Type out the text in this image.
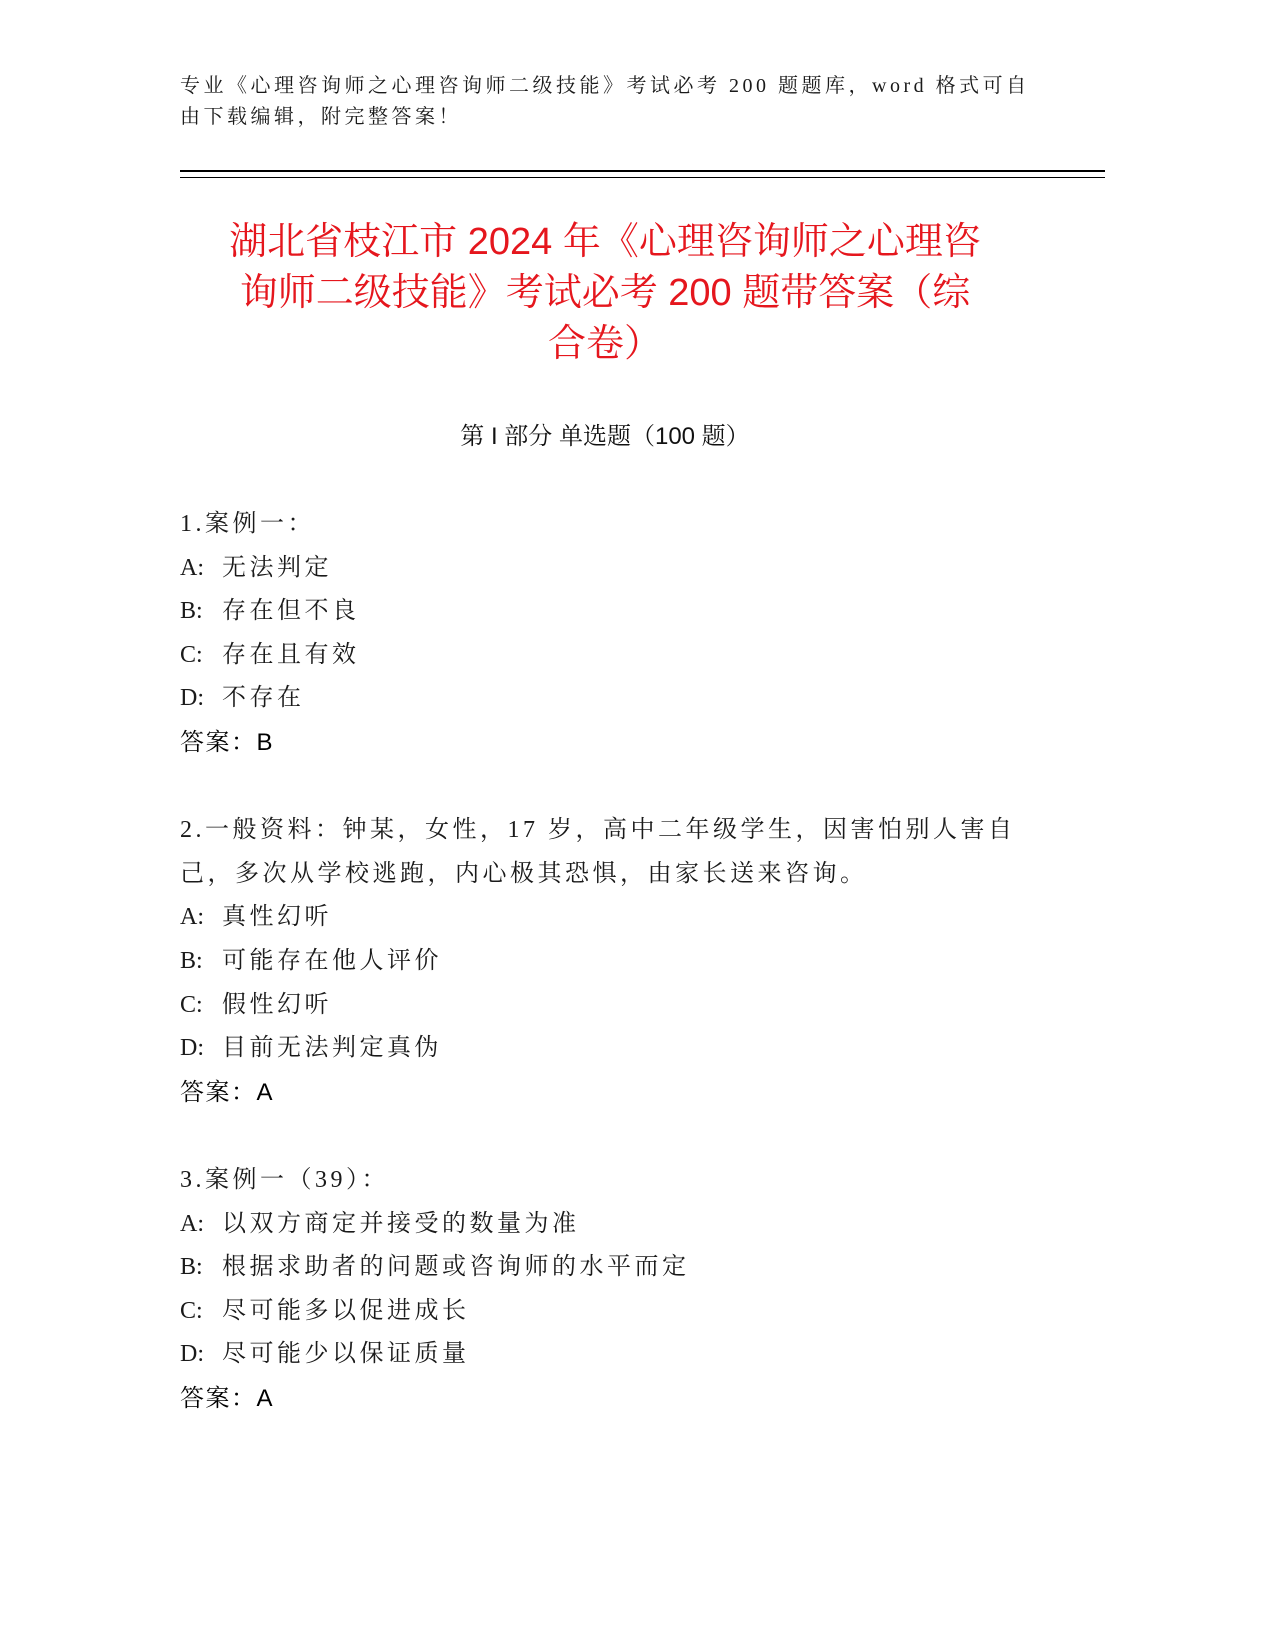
专业《心理咨询师之心理咨询师二级技能》考试必考 200 题题库，word 格式可自
由下载编辑，附完整答案！
湖北省枝江市 2024 年《心理咨询师之心理咨
询师二级技能》考试必考 200 题带答案（综
合卷）
第 I 部分 单选题（100 题）
1.案例一：
A: 无法判定
B: 存在但不良
C: 存在且有效
D: 不存在
答案：B
2.一般资料：钟某，女性，17 岁，高中二年级学生，因害怕别人害自
己，多次从学校逃跑，内心极其恐惧，由家长送来咨询。
A: 真性幻听
B: 可能存在他人评价
C: 假性幻听
D: 目前无法判定真伪
答案：A
3.案例一（39）：
A: 以双方商定并接受的数量为准
B: 根据求助者的问题或咨询师的水平而定
C: 尽可能多以促进成长
D: 尽可能少以保证质量
答案：A
